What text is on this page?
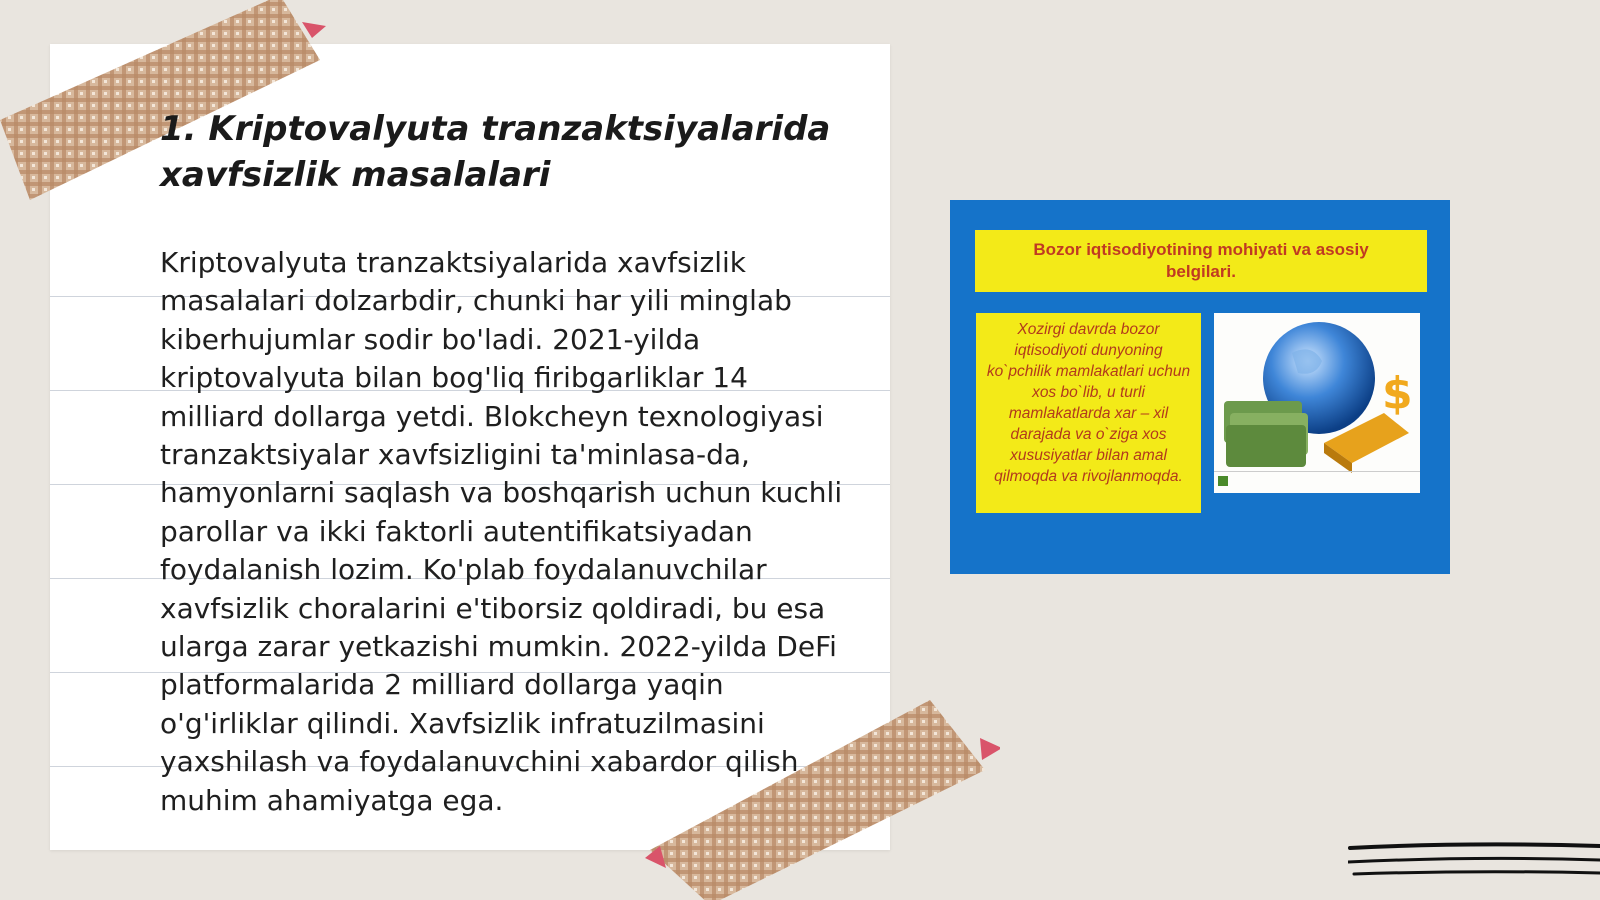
1. Kriptovalyuta tranzaktsiyalarida xavfsizlik masalalari

Kriptovalyuta tranzaktsiyalarida xavfsizlik masalalari dolzarbdir, chunki har yili minglab kiberhujumlar sodir bo'ladi. 2021-yilda kriptovalyuta bilan bog'liq firibgarliklar 14 milliard dollarga yetdi. Blokcheyn texnologiyasi tranzaktsiyalar xavfsizligini ta'minlasa-da, hamyonlarni saqlash va boshqarish uchun kuchli parollar va ikki faktorli autentifikatsiyadan foydalanish lozim. Ko'plab foydalanuvchilar xavfsizlik choralarini e'tiborsiz qoldiradi, bu esa ularga zarar yetkazishi mumkin. 2022-yilda DeFi platformalarida 2 milliard dollarga yaqin o'g'irliklar qilindi. Xavfsizlik infratuzilmasini yaxshilash va foydalanuvchini xabardor qilish muhim ahamiyatga ega.

Bozor iqtisodiyotining mohiyati va asosiy belgilari.
Xozirgi davrda bozor iqtisodiyoti dunyoning ko`pchilik mamlakatlari uchun xos bo`lib, u turli mamlakatlarda xar – xil darajada va o`ziga xos xususiyatlar bilan amal qilmoqda va rivojlanmoqda.
$
